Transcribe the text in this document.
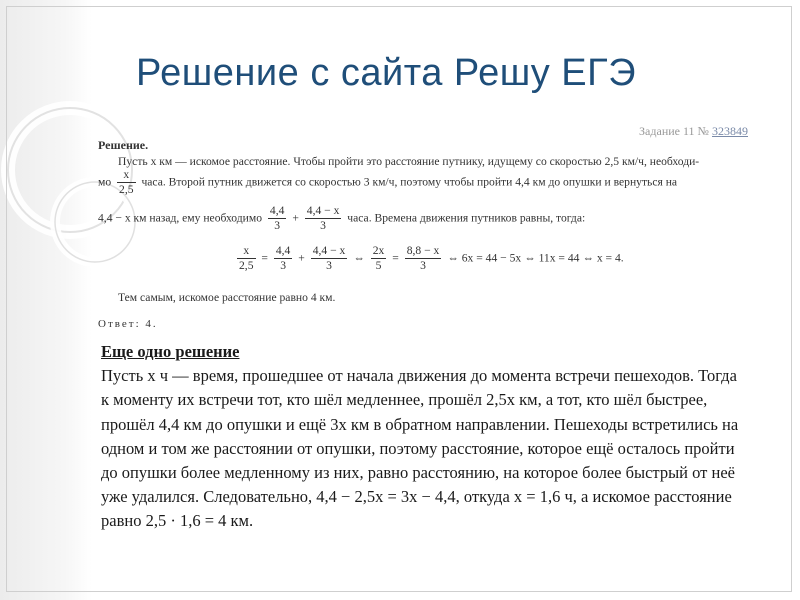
Решение с сайта Решу ЕГЭ
Задание 11 № 323849
Решение.
Пусть x км — искомое расстояние. Чтобы пройти это расстояние путнику, идущему со скоростью 2,5 км/ч, необходи-
мо $\frac{x}{2,5}$ часа. Второй путник движется со скоростью 3 км/ч, поэтому чтобы пройти 4,4 км до опушки и вернуться на
4,4 − x км назад, ему необходимо $\frac{4,4}{3} + \frac{4,4 - x}{3}$ часа. Времена движения путников равны, тогда:
$\frac{x}{2,5} = \frac{4,4}{3} + \frac{4,4 - x}{3}$ ⇔ $\frac{2x}{5} = \frac{8,8 - x}{3}$ ⇔ 6x = 44 − 5x ⇔ 11x = 44 ⇔ x = 4.
Тем самым, искомое расстояние равно 4 км.
Ответ: 4.
Еще одно решение

Пусть x ч — время, прошедшее от начала движения до момента встречи пешеходов. Тогда к моменту их встречи тот, кто шёл медленнее, прошёл 2,5x км, а тот, кто шёл быстрее, прошёл 4,4 км до опушки и ещё 3x км в обратном направлении. Пешеходы встретились на одном и том же расстоянии от опушки, поэтому расстояние, которое ещё осталось пройти до опушки более медленному из них, равно расстоянию, на которое более быстрый от неё уже удалился. Следовательно, 4,4 − 2,5x = 3x − 4,4, откуда x = 1,6 ч, а искомое расстояние равно 2,5 · 1,6 = 4 км.
